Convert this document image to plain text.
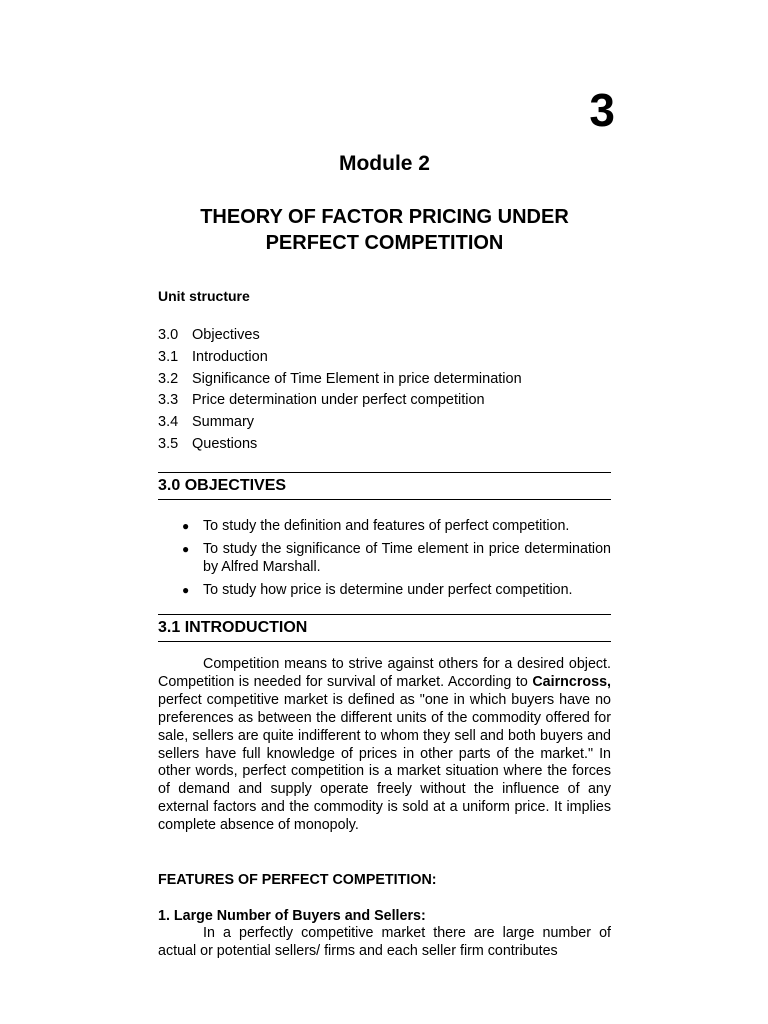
3
Module 2
THEORY OF FACTOR PRICING UNDER
PERFECT COMPETITION
Unit structure
3.0 Objectives
3.1 Introduction
3.2 Significance of Time Element in price determination
3.3 Price determination under perfect competition
3.4 Summary
3.5 Questions
3.0 OBJECTIVES
● To study the definition and features of perfect competition.
● To study the significance of Time element in price determination by Alfred Marshall.
● To study how price is determine under perfect competition.
3.1 INTRODUCTION

Competition means to strive against others for a desired object. Competition is needed for survival of market. According to Cairncross, perfect competitive market is defined as "one in which buyers have no preferences as between the different units of the commodity offered for sale, sellers are quite indifferent to whom they sell and both buyers and sellers have full knowledge of prices in other parts of the market." In other words, perfect competition is a market situation where the forces of demand and supply operate freely without the influence of any external factors and the commodity is sold at a uniform price. It implies complete absence of monopoly.

FEATURES OF PERFECT COMPETITION:
1. Large Number of Buyers and Sellers:

In a perfectly competitive market there are large number of actual or potential sellers/ firms and each seller firm contributes
